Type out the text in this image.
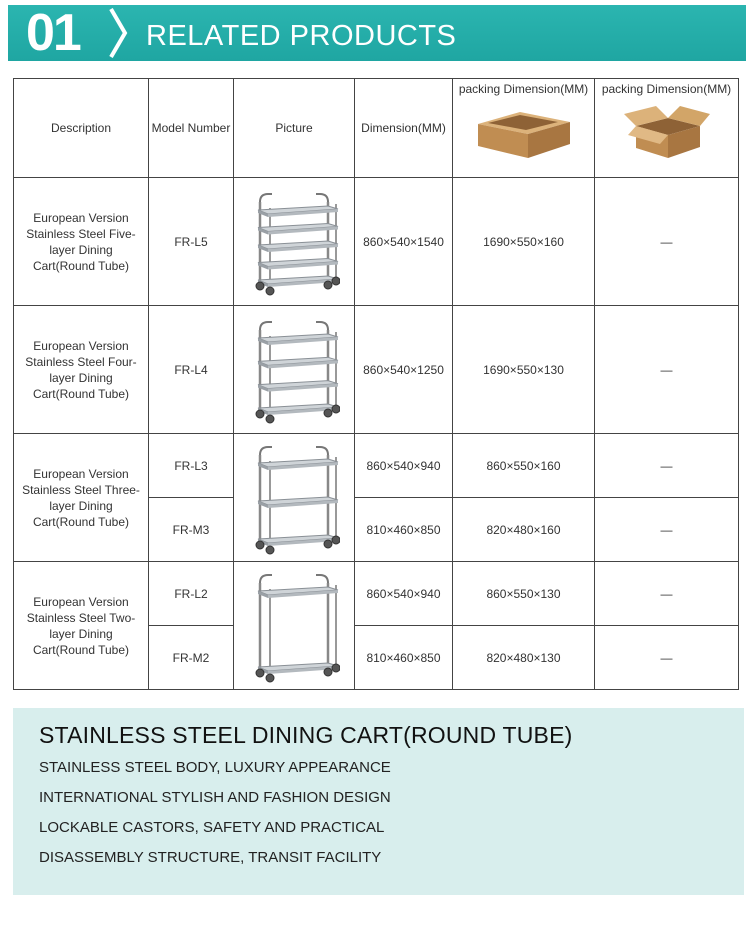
01 RELATED PRODUCTS
Description	Model Number	Picture	Dimension(MM)	packing Dimension(MM)	packing Dimension(MM)

European Version Stainless Steel Five-layer Dining Cart(Round Tube)	FR-L5		860×540×1540	1690×550×160	—
European Version Stainless Steel Four-layer Dining Cart(Round Tube)	FR-L4		860×540×1250	1690×550×130	—
European Version Stainless Steel Three-layer Dining Cart(Round Tube)	FR-L3		860×540×940	860×550×160	—
	FR-M3		810×460×850	820×480×160	—
European Version Stainless Steel Two-layer Dining Cart(Round Tube)	FR-L2		860×540×940	860×550×130	—
	FR-M2		810×460×850	820×480×130	—
STAINLESS STEEL DINING CART(ROUND TUBE)
STAINLESS STEEL BODY, LUXURY APPEARANCE
INTERNATIONAL STYLISH AND FASHION DESIGN
LOCKABLE CASTORS, SAFETY AND PRACTICAL
DISASSEMBLY STRUCTURE, TRANSIT FACILITY
